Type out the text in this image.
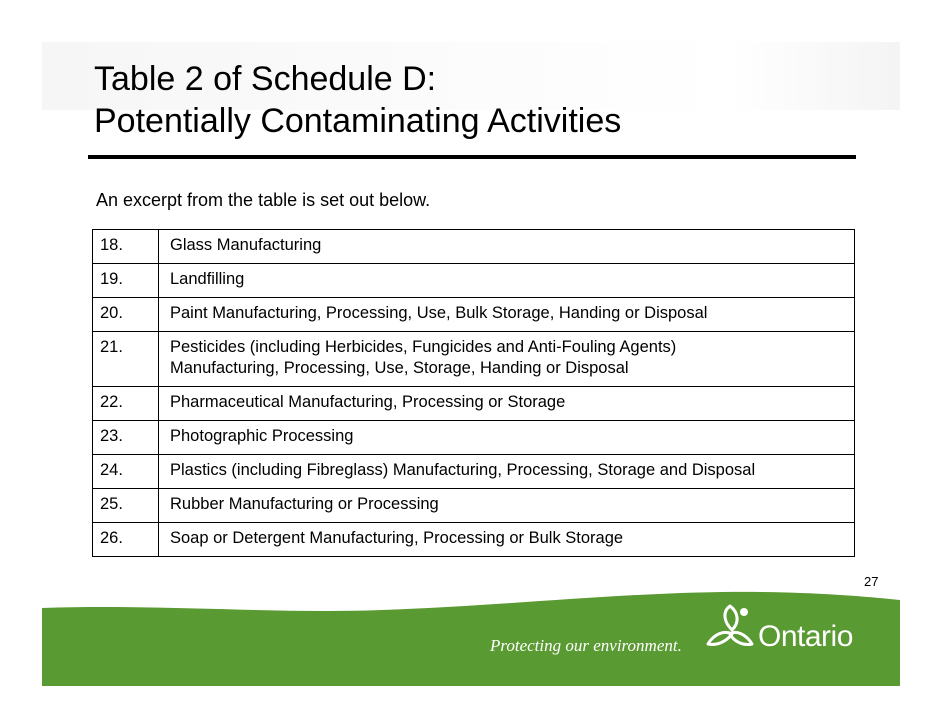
Table 2 of Schedule D:
Potentially Contaminating Activities
An excerpt from the table is set out below.
18.	Glass Manufacturing

19.	Landfilling

20.	Paint Manufacturing, Processing, Use, Bulk Storage, Handing or Disposal

21.	Pesticides (including Herbicides, Fungicides and Anti-Fouling Agents)
Manufacturing, Processing, Use, Storage, Handing or Disposal

22.	Pharmaceutical Manufacturing, Processing or Storage

23.	Photographic Processing

24.	Plastics (including Fibreglass) Manufacturing, Processing, Storage and Disposal

25.	Rubber Manufacturing or Processing

26.	Soap or Detergent Manufacturing, Processing or Bulk Storage
27
Protecting our environment.	Ontario
